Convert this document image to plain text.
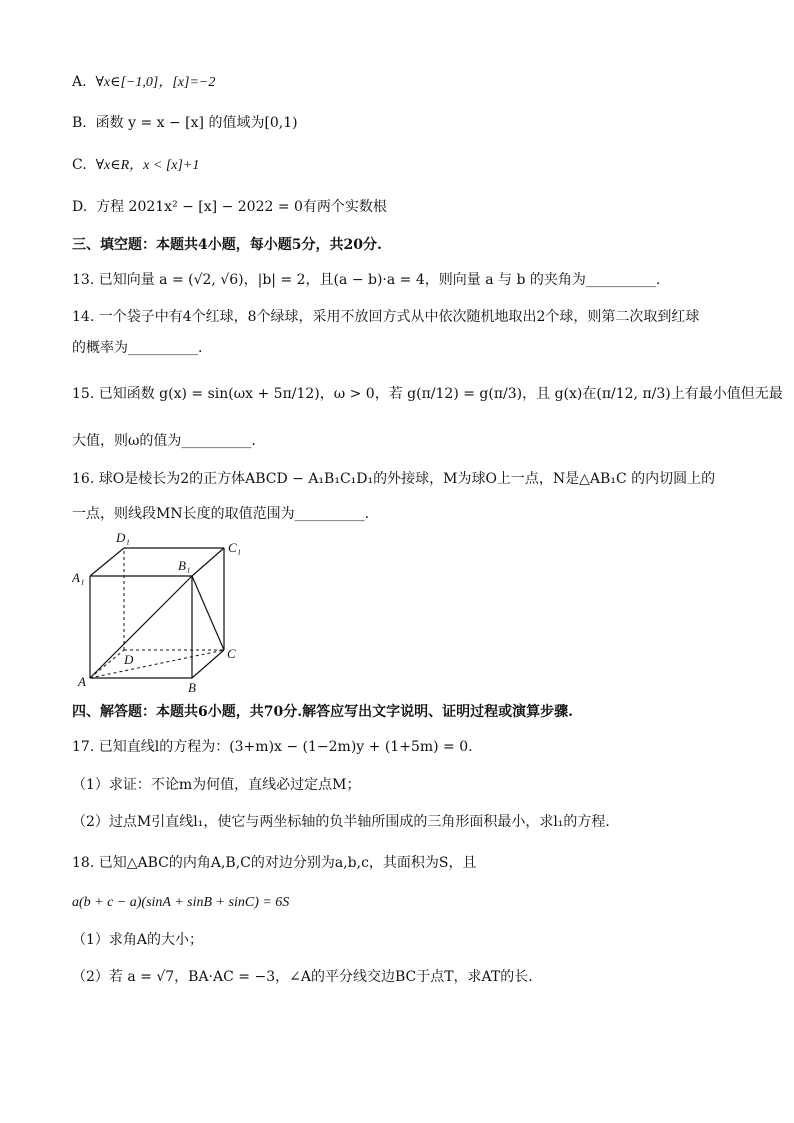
A. ∀x∈[−1,0]，[x]=−2
B. 函数 y = x − [x] 的值域为[0,1)
C. ∀x∈R，x < [x]+1
D. 方程 2021x² − [x] − 2022 = 0有两个实数根
三、填空题：本题共4小题，每小题5分，共20分.
13. 已知向量 a = (√2, √6)，|b| = 2，且(a − b)·a = 4，则向量 a 与 b 的夹角为__________.
14. 一个袋子中有4个红球，8个绿球，采用不放回方式从中依次随机地取出2个球，则第二次取到红球
的概率为__________.
15. 已知函数 g(x) = sin(ωx + 5π/12)，ω > 0，若 g(π/12) = g(π/3)，且 g(x)在(π/12, π/3)上有最小值但无最
大值，则ω的值为__________.
16. 球O是棱长为2的正方体ABCD − A₁B₁C₁D₁的外接球，M为球O上一点，N是△AB₁C 的内切圆上的
一点，则线段MN长度的取值范围为__________.
D₁
C₁
A₁
B₁
D	C
A	B
四、解答题：本题共6小题，共70分.解答应写出文字说明、证明过程或演算步骤.
17. 已知直线l的方程为：(3+m)x − (1−2m)y + (1+5m) = 0.
（1）求证：不论m为何值，直线必过定点M；
（2）过点M引直线l₁，使它与两坐标轴的负半轴所围成的三角形面积最小，求l₁的方程.
18. 已知△ABC的内角A,B,C的对边分别为a,b,c，其面积为S，且
a(b + c − a)(sinA + sinB + sinC) = 6S
（1）求角A的大小；
（2）若 a = √7，BA·AC = −3，∠A的平分线交边BC于点T，求AT的长.
